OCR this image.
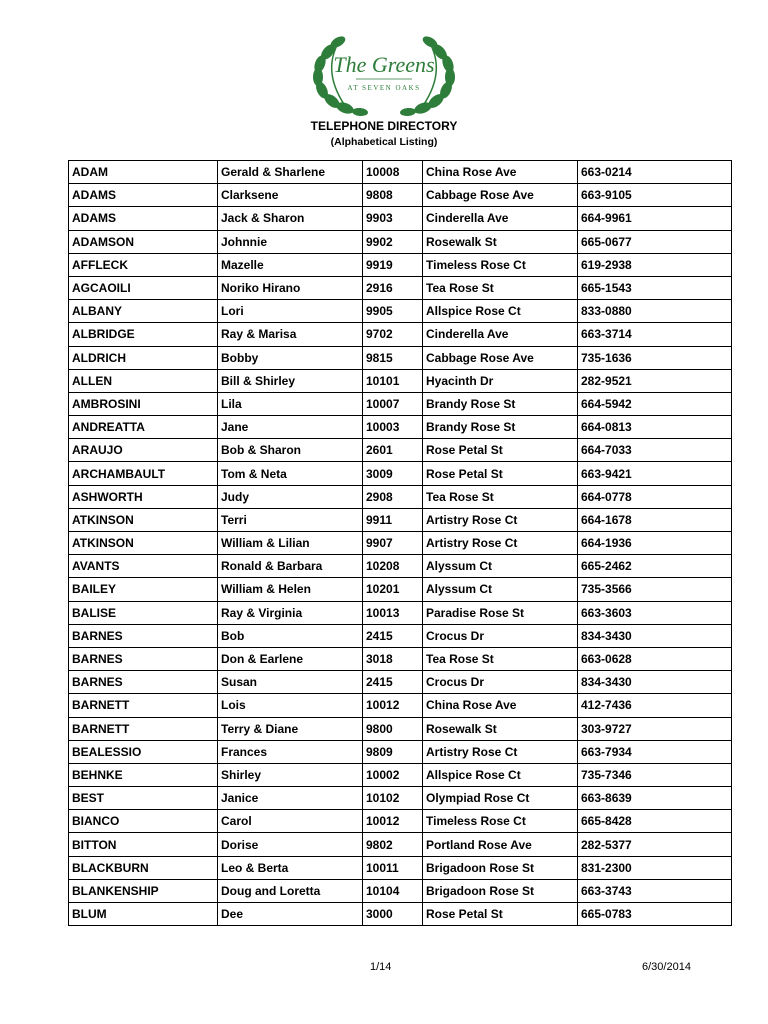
The Greens
AT SEVEN OAKS
TELEPHONE DIRECTORY
(Alphabetical Listing)
ADAM	Gerald & Sharlene	10008	China Rose Ave	663-0214
ADAMS	Clarksene	9808	Cabbage Rose Ave	663-9105
ADAMS	Jack & Sharon	9903	Cinderella Ave	664-9961
ADAMSON	Johnnie	9902	Rosewalk St	665-0677
AFFLECK	Mazelle	9919	Timeless Rose Ct	619-2938
AGCAOILI	Noriko Hirano	2916	Tea Rose St	665-1543
ALBANY	Lori	9905	Allspice Rose Ct	833-0880
ALBRIDGE	Ray & Marisa	9702	Cinderella Ave	663-3714
ALDRICH	Bobby	9815	Cabbage Rose Ave	735-1636
ALLEN	Bill & Shirley	10101	Hyacinth Dr	282-9521
AMBROSINI	Lila	10007	Brandy Rose St	664-5942
ANDREATTA	Jane	10003	Brandy Rose St	664-0813
ARAUJO	Bob & Sharon	2601	Rose Petal St	664-7033
ARCHAMBAULT	Tom & Neta	3009	Rose Petal St	663-9421
ASHWORTH	Judy	2908	Tea Rose St	664-0778
ATKINSON	Terri	9911	Artistry Rose Ct	664-1678
ATKINSON	William & Lilian	9907	Artistry Rose Ct	664-1936
AVANTS	Ronald & Barbara	10208	Alyssum Ct	665-2462
BAILEY	William & Helen	10201	Alyssum Ct	735-3566
BALISE	Ray & Virginia	10013	Paradise Rose St	663-3603
BARNES	Bob	2415	Crocus Dr	834-3430
BARNES	Don & Earlene	3018	Tea Rose St	663-0628
BARNES	Susan	2415	Crocus Dr	834-3430
BARNETT	Lois	10012	China Rose Ave	412-7436
BARNETT	Terry & Diane	9800	Rosewalk St	303-9727
BEALESSIO	Frances	9809	Artistry Rose Ct	663-7934
BEHNKE	Shirley	10002	Allspice Rose Ct	735-7346
BEST	Janice	10102	Olympiad Rose Ct	663-8639
BIANCO	Carol	10012	Timeless Rose Ct	665-8428
BITTON	Dorise	9802	Portland Rose Ave	282-5377
BLACKBURN	Leo & Berta	10011	Brigadoon Rose St	831-2300
BLANKENSHIP	Doug and Loretta	10104	Brigadoon Rose St	663-3743
BLUM	Dee	3000	Rose Petal St	665-0783
1/14	6/30/2014
